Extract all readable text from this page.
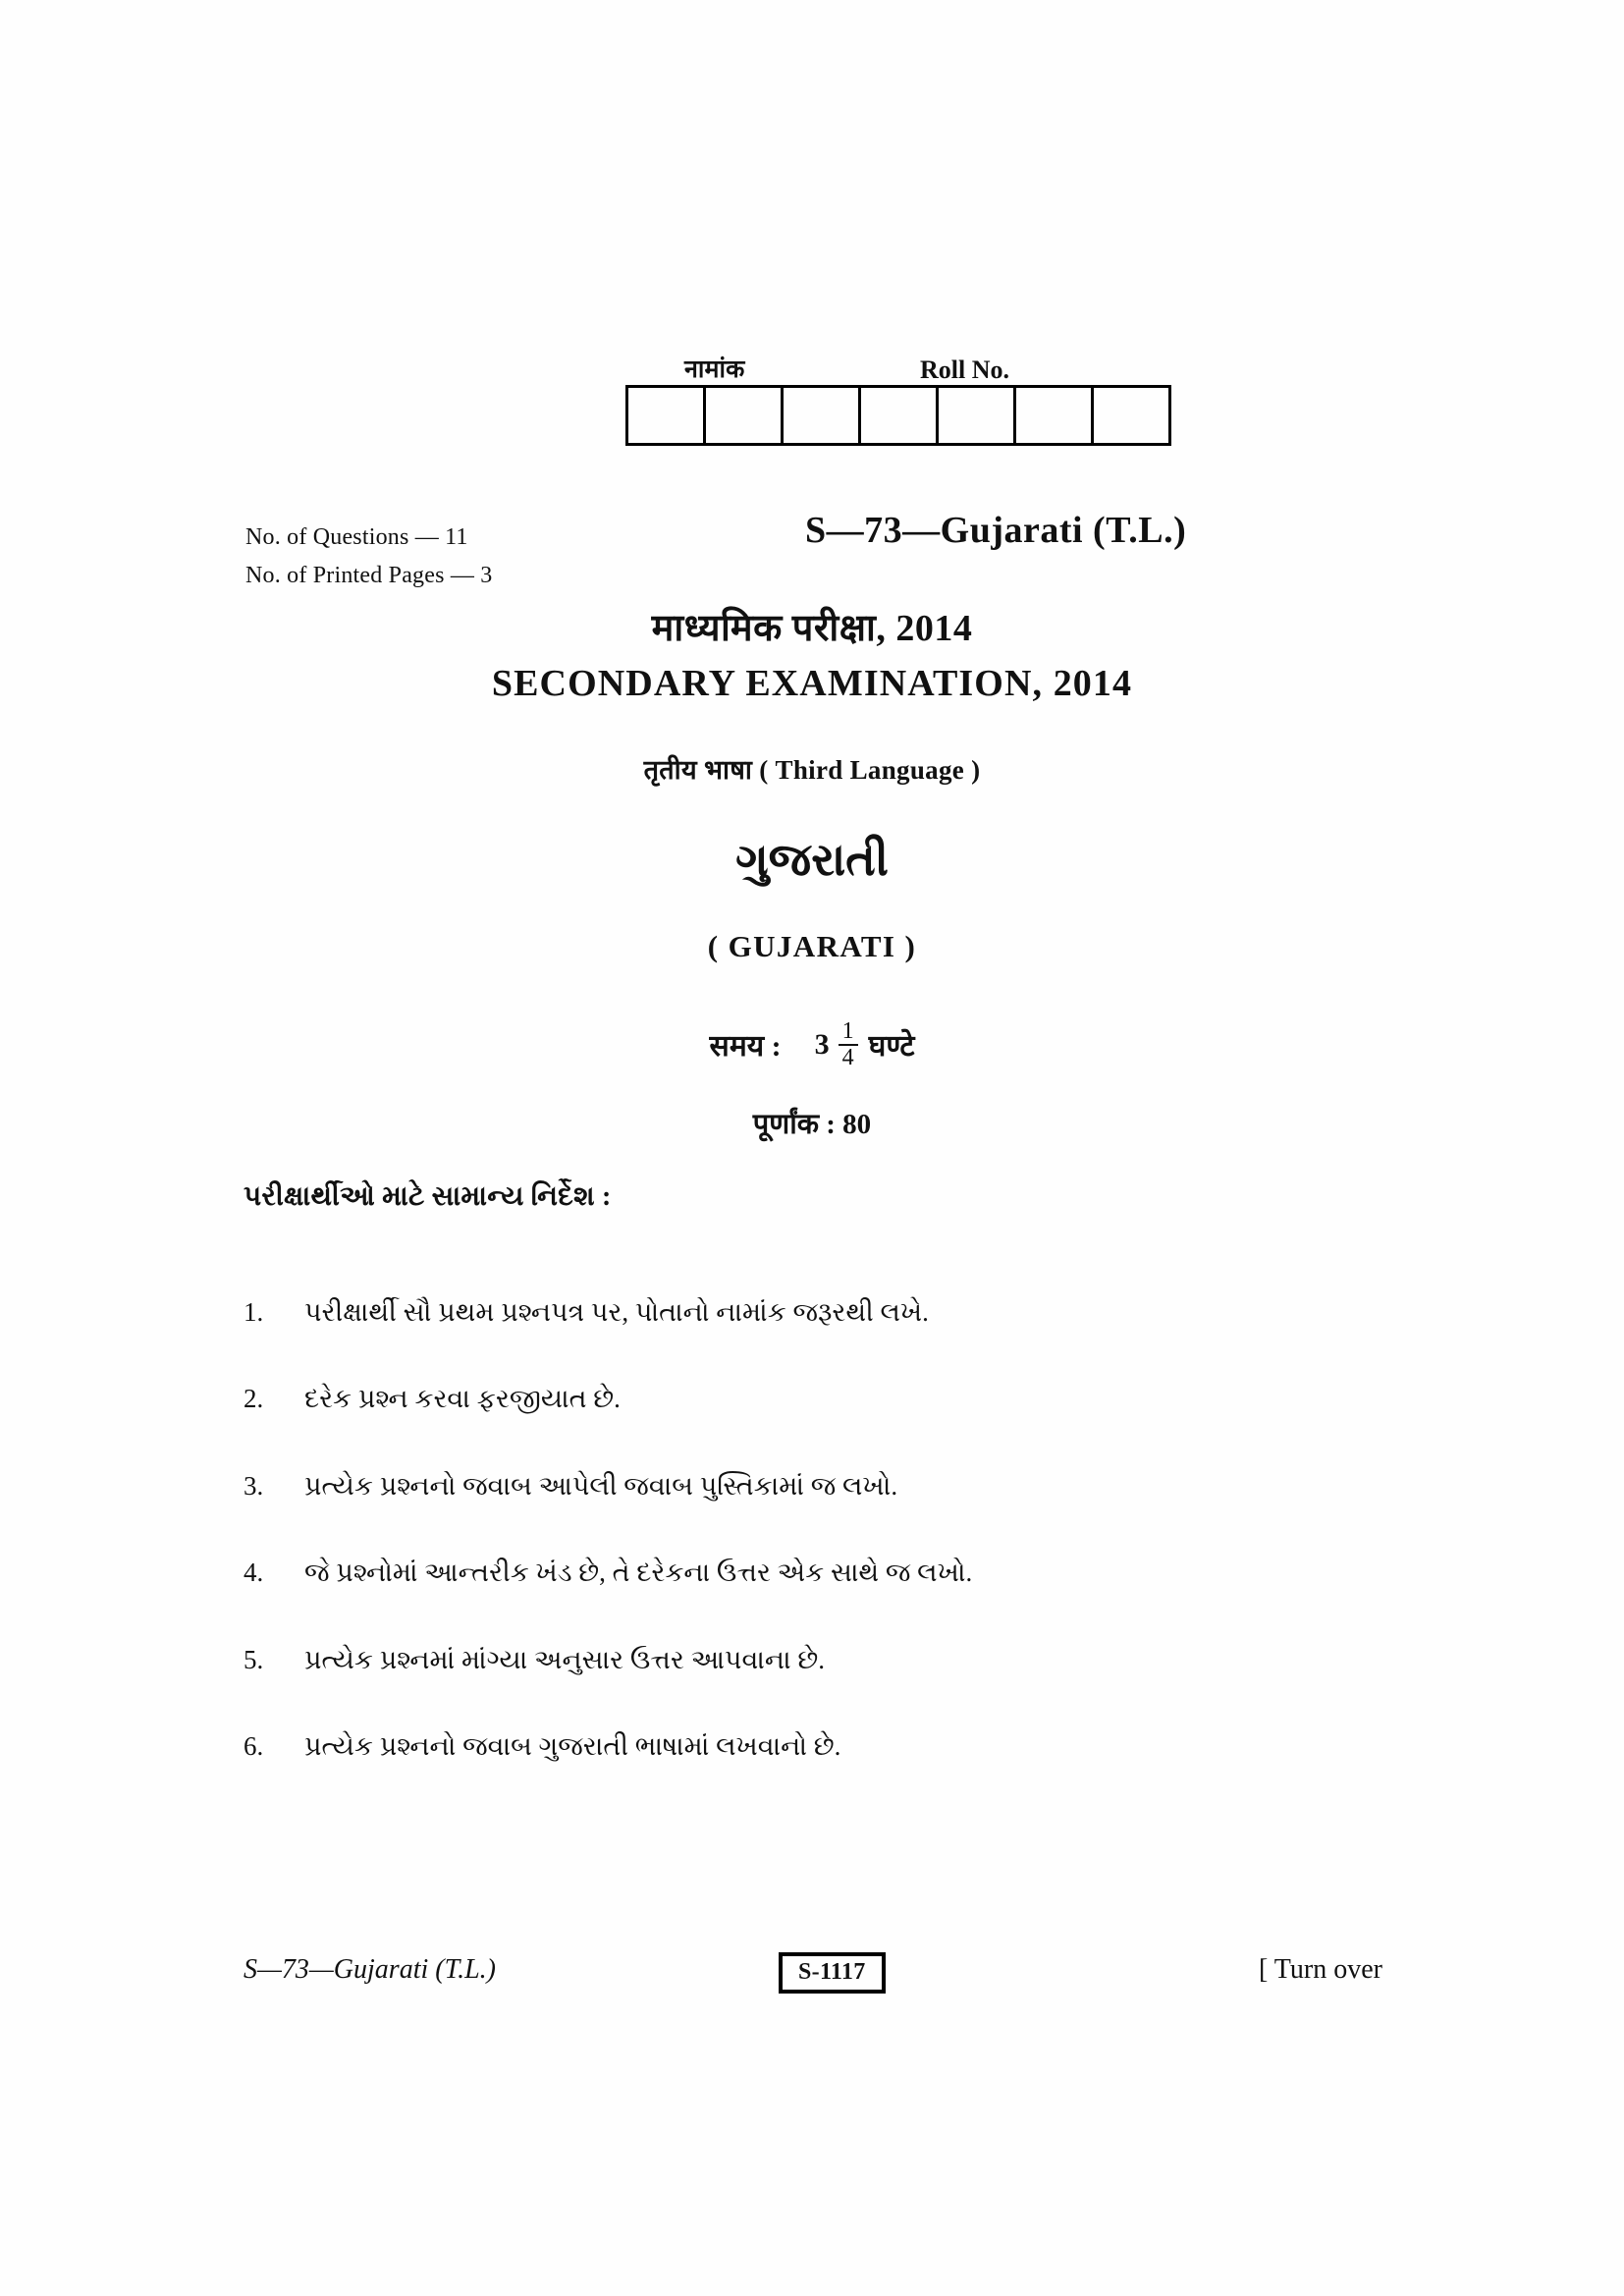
नामांक	Roll No.
No. of Questions — 11
No. of Printed Pages — 3
S—73—Gujarati (T.L.)
माध्यमिक परीक्षा, 2014
SECONDARY EXAMINATION, 2014
तृतीय भाषा ( Third Language )
ગુજરાતી
( GUJARATI )
समय : $3 \frac{1}{4}$ घण्टे
पूर्णांक : 80
પરીક્ષાર્થીઓ માટે સામાન્ય નિર્દેશ :
1.	પરીક્ષાર્થી સૌ પ્રથમ પ્રશ્નપત્ર પર, પોતાનો નામાંક જરૂરથી લખે.
2.	દરેક પ્રશ્ન કરવા ફરજીયાત છે.
3.	પ્રત્યેક પ્રશ્નનો જવાબ આપેલી જવાબ પુસ્તિકામાં જ લખો.
4.	જે પ્રશ્નોમાં આન્તરીક ખંડ છે, તે દરેકના ઉત્તર એક સાથે જ લખો.
5.	પ્રત્યેક પ્રશ્નમાં માંગ્યા અનુસાર ઉત્તર આપવાના છે.
6.	પ્રત્યેક પ્રશ્નનો જવાબ ગુજરાતી ભાષામાં લખવાનો છે.
S—73—Gujarati (T.L.)	S-1117	[ Turn over
